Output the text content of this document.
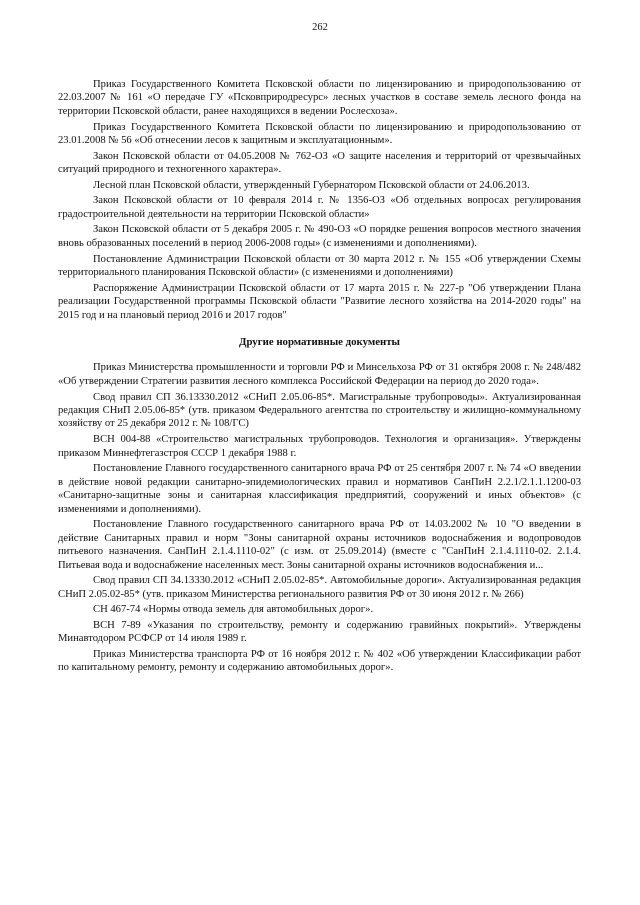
262

Приказ Государственного Комитета Псковской области по лицензированию и природопользованию от 22.03.2007 № 161 «О передаче ГУ «Псковприродресурс» лесных участков в составе земель лесного фонда на территории Псковской области, ранее находящихся в ведении Рослесхоза».

Приказ Государственного Комитета Псковской области по лицензированию и природопользованию от 23.01.2008 № 56 «Об отнесении лесов к защитным и эксплуатационным».

Закон Псковской области от 04.05.2008 № 762-ОЗ «О защите населения и территорий от чрезвычайных ситуаций природного и техногенного характера».

Лесной план Псковской области, утвержденный Губернатором Псковской области от 24.06.2013.

Закон Псковской области от 10 февраля 2014 г. № 1356-ОЗ «Об отдельных вопросах регулирования градостроительной деятельности на территории Псковской области»

Закон Псковской области от 5 декабря 2005 г. № 490-ОЗ «О порядке решения вопросов местного значения вновь образованных поселений в период 2006-2008 годы» (с изменениями и дополнениями).

Постановление Администрации Псковской области от 30 марта 2012 г. № 155 «Об утверждении Схемы территориального планирования Псковской области» (с изменениями и дополнениями)

Распоряжение Администрации Псковской области от 17 марта 2015 г. № 227-р "Об утверждении Плана реализации Государственной программы Псковской области "Развитие лесного хозяйства на 2014-2020 годы" на 2015 год и на плановый период 2016 и 2017 годов"

Другие нормативные документы

Приказ Министерства промышленности и торговли РФ и Минсельхоза РФ от 31 октября 2008 г. № 248/482 «Об утверждении Стратегии развития лесного комплекса Российской Федерации на период до 2020 года».

Свод правил СП 36.13330.2012 «СНиП 2.05.06-85*. Магистральные трубопроводы». Актуализированная редакция СНиП 2.05.06-85* (утв. приказом Федерального агентства по строительству и жилищно-коммунальному хозяйству от 25 декабря 2012 г. № 108/ГС)

ВСН 004-88 «Строительство магистральных трубопроводов. Технология и организация». Утверждены приказом Миннефтегазстроя СССР 1 декабря 1988 г.

Постановление Главного государственного санитарного врача РФ от 25 сентября 2007 г. № 74 «О введении в действие новой редакции санитарно-эпидемиологических правил и нормативов СанПиН 2.2.1/2.1.1.1200-03 «Санитарно-защитные зоны и санитарная классификация предприятий, сооружений и иных объектов» (с изменениями и дополнениями).

Постановление Главного государственного санитарного врача РФ от 14.03.2002 № 10 "О введении в действие Санитарных правил и норм "Зоны санитарной охраны источников водоснабжения и водопроводов питьевого назначения. СанПиН 2.1.4.1110-02" (с изм. от 25.09.2014) (вместе с "СанПиН 2.1.4.1110-02. 2.1.4. Питьевая вода и водоснабжение населенных мест. Зоны санитарной охраны источников водоснабжения и...

Свод правил СП 34.13330.2012 «СНиП 2.05.02-85*. Автомобильные дороги». Актуализированная редакция СНиП 2.05.02-85* (утв. приказом Министерства регионального развития РФ от 30 июня 2012 г. № 266)

СН 467-74 «Нормы отвода земель для автомобильных дорог».

ВСН 7-89 «Указания по строительству, ремонту и содержанию гравийных покрытий». Утверждены Минавтодором РСФСР от 14 июля 1989 г.

Приказ Министерства транспорта РФ от 16 ноября 2012 г. № 402 «Об утверждении Классификации работ по капитальному ремонту, ремонту и содержанию автомобильных дорог».
